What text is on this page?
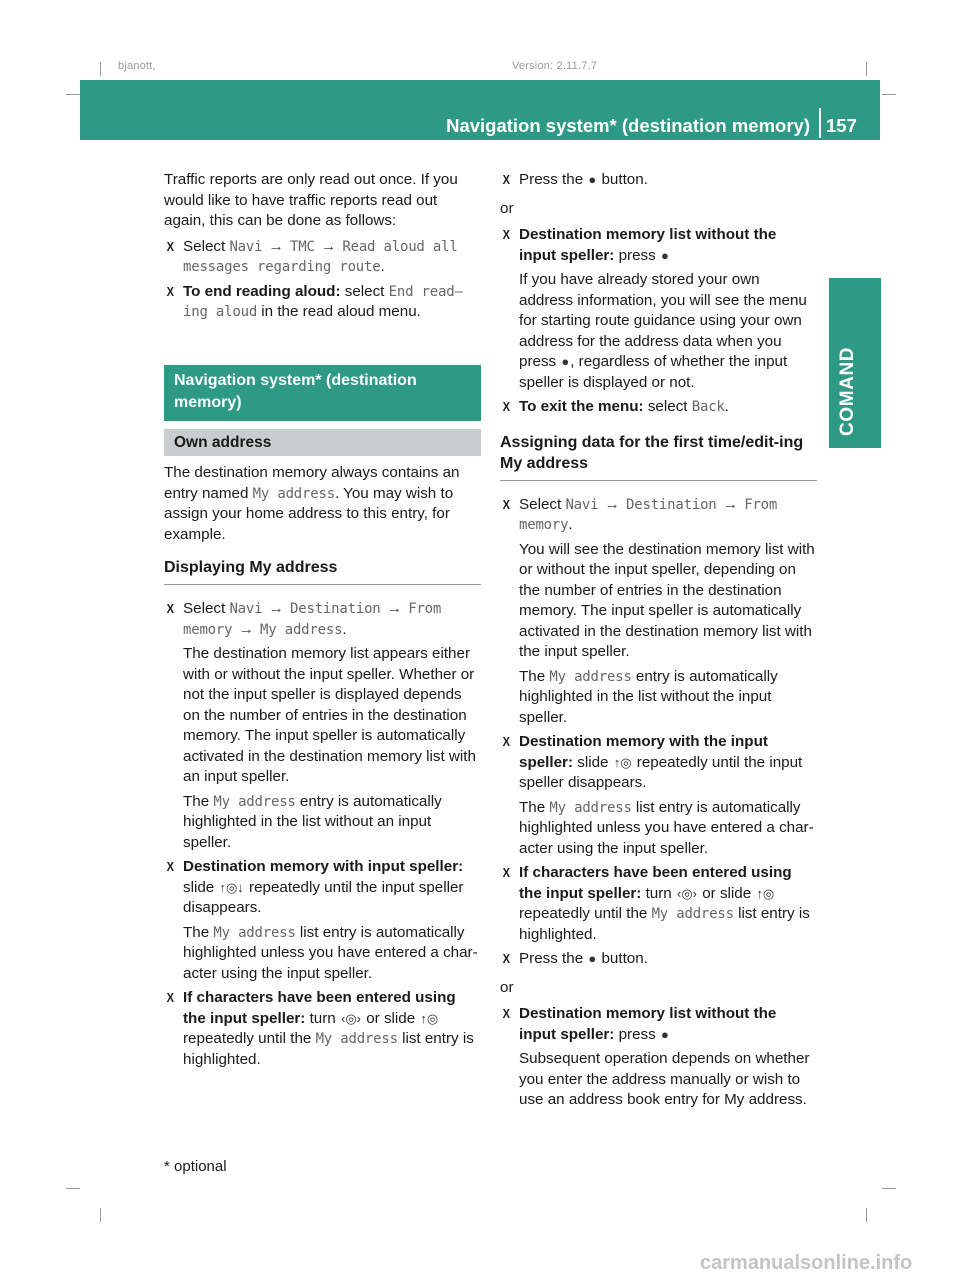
bjanott,	Version: 2.11.7.7
Navigation system* (destination memory) 157
COMAND

Traffic reports are only read out once. If you would like to have traffic reports read out again, this can be done as follows:

X Select Navi → TMC → Read aloud all messages regarding route.
X To end reading aloud: select End read–ing aloud in the read aloud menu.
Navigation system* (destination memory)
Own address

The destination memory always contains an entry named My address. You may wish to assign your home address to this entry, for example.

Displaying My address
X Select Navi → Destination → From memory → My address.

The destination memory list appears either with or without the input speller. Whether or not the input speller is displayed depends on the number of entries in the destination memory. The input speller is automatically activated in the destination memory list with an input speller.

The My address entry is automatically highlighted in the list without an input speller.

X Destination memory with input speller: slide ↑◎↓ repeatedly until the input speller disappears.

The My address list entry is automatically highlighted unless you have entered a char-acter using the input speller.

X If characters have been entered using the input speller: turn ‹◎› or slide ↑◎ repeatedly until the My address list entry is highlighted.
X Press the ● button.

or

X Destination memory list without the input speller: press ●

If you have already stored your own address information, you will see the menu for starting route guidance using your own address for the address data when you press ●, regardless of whether the input speller is displayed or not.

X To exit the menu: select Back.
Assigning data for the first time/edit-ing My address
X Select Navi → Destination → From memory.

You will see the destination memory list with or without the input speller, depending on the number of entries in the destination memory. The input speller is automatically activated in the destination memory list with the input speller.

The My address entry is automatically highlighted in the list without the input speller.

X Destination memory with the input speller: slide ↑◎ repeatedly until the input speller disappears.

The My address list entry is automatically highlighted unless you have entered a char-acter using the input speller.

X If characters have been entered using the input speller: turn ‹◎› or slide ↑◎ repeatedly until the My address list entry is highlighted.
X Press the ● button.

or

X Destination memory list without the input speller: press ●

Subsequent operation depends on whether you enter the address manually or wish to use an address book entry for My address.

* optional
carmanualsonline.info
